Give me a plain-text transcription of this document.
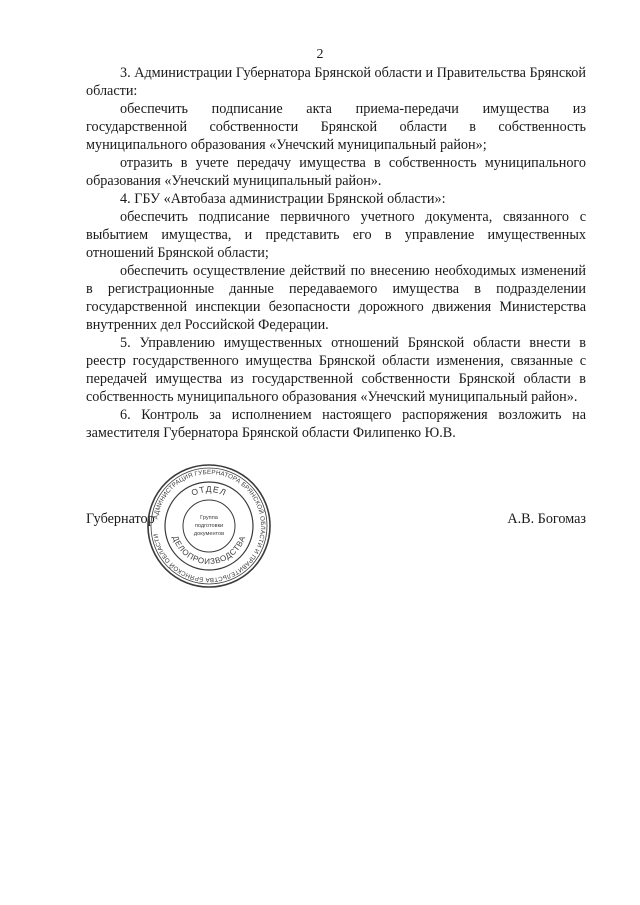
2

3. Администрации Губернатора Брянской области и Правительства Брянской области:

обеспечить подписание акта приема-передачи имущества из государственной собственности Брянской области в собственность муниципального образования «Унечский муниципальный район»;

отразить в учете передачу имущества в собственность муниципального образования «Унечский муниципальный район».

4. ГБУ «Автобаза администрации Брянской области»:

обеспечить подписание первичного учетного документа, связанного с выбытием имущества, и представить его в управление имущественных отношений Брянской области;

обеспечить осуществление действий по внесению необходимых изменений в регистрационные данные передаваемого имущества в подразделении государственной инспекции безопасности дорожного движения Министерства внутренних дел Российской Федерации.

5. Управлению имущественных отношений Брянской области внести в реестр государственного имущества Брянской области изменения, связанные с передачей имущества из государственной собственности Брянской области в собственность муниципального образования «Унечский муниципальный район».

6. Контроль за исполнением настоящего распоряжения возложить на заместителя Губернатора Брянской области Филипенко Ю.В.

Губернатор	А.В. Богомаз
АДМИНИСТРАЦИЯ ГУБЕРНАТОРА БРЯНСКОЙ ОБЛАСТИ И ПРАВИТЕЛЬСТВА БРЯНСКОЙ ОБЛАСТИ
ОТДЕЛ
ДЕЛОПРОИЗВОДСТВА
Группа
подготовки
документов
